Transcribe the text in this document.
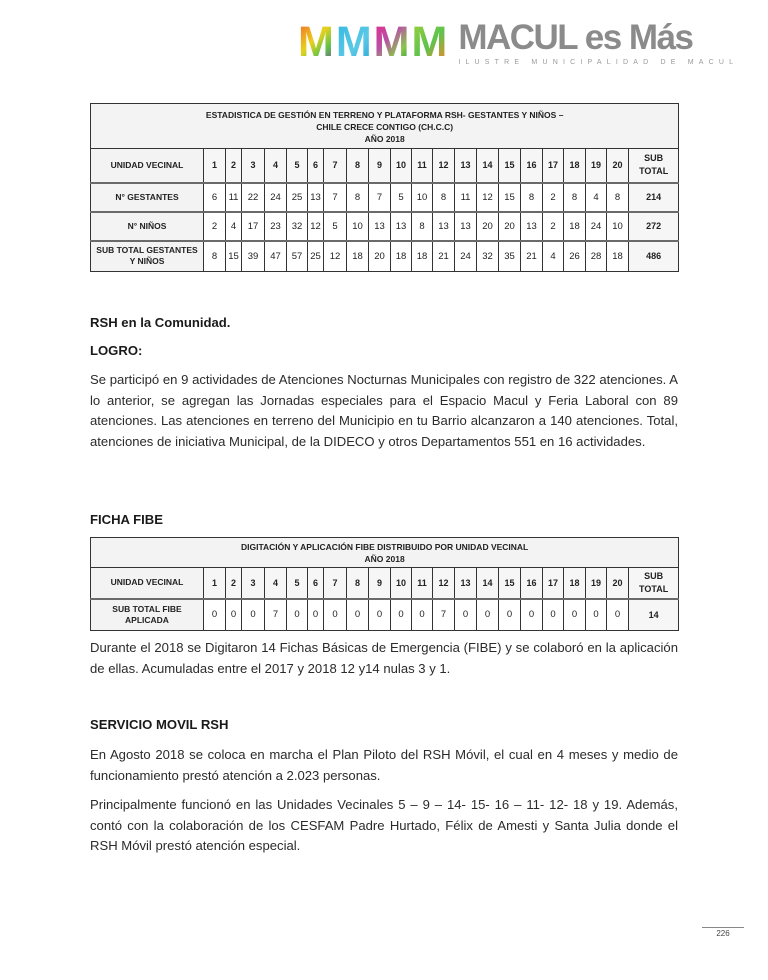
M M M M MACUL es Más
ILUSTRE MUNICIPALIDAD DE MACUL
ESTADISTICA DE GESTIÓN EN TERRENO Y PLATAFORMA RSH- GESTANTES Y NIÑOS –
CHILE CRECE CONTIGO (CH.C.C)
AÑO 2018																					

UNIDAD VECINAL	1	2	3	4	5	6	7	8	9	10	11	12	13	14	15	16	17	18	19	20	SUB
TOTAL

N° GESTANTES	6	11	22	24	25	13	7	8	7	5	10	8	11	12	15	8	2	8	4	8	214
N° NIÑOS	2	4	17	23	32	12	5	10	13	13	8	13	13	20	20	13	2	18	24	10	272

SUB TOTAL GESTANTES
Y NIÑOS	8	15	39	47	57	25	12	18	20	18	18	21	24	32	35	21	4	26	28	18	486
RSH en la Comunidad.
LOGRO:
Se participó en 9 actividades de Atenciones Nocturnas Municipales con registro de 322 atenciones. A lo anterior, se agregan las Jornadas especiales para el Espacio Macul y Feria Laboral con 89 atenciones. Las atenciones en terreno del Municipio en tu Barrio alcanzaron a 140 atenciones. Total, atenciones de iniciativa Municipal, de la DIDECO y otros Departamentos 551 en 16 actividades.
FICHA FIBE
DIGITACIÓN Y APLICACIÓN FIBE DISTRIBUIDO POR UNIDAD VECINAL
AÑO 2018																					

UNIDAD VECINAL	1	2	3	4	5	6	7	8	9	10	11	12	13	14	15	16	17	18	19	20	SUB
TOTAL

SUB TOTAL FIBE
APLICADA	0	0	0	7	0	0	0	0	0	0	0	7	0	0	0	0	0	0	0	0	14
Durante el 2018 se Digitaron 14 Fichas Básicas de Emergencia (FIBE) y se colaboró en la aplicación de ellas. Acumuladas entre el 2017 y 2018 12 y14 nulas 3 y 1.
SERVICIO MOVIL RSH
En Agosto 2018 se coloca en marcha el Plan Piloto del RSH Móvil, el cual en 4 meses y medio de funcionamiento prestó atención a 2.023 personas.
Principalmente funcionó en las Unidades Vecinales 5 – 9 – 14- 15- 16 – 11- 12- 18 y 19. Además, contó con la colaboración de los CESFAM Padre Hurtado, Félix de Amesti y Santa Julia donde el RSH Móvil prestó atención especial.
226
